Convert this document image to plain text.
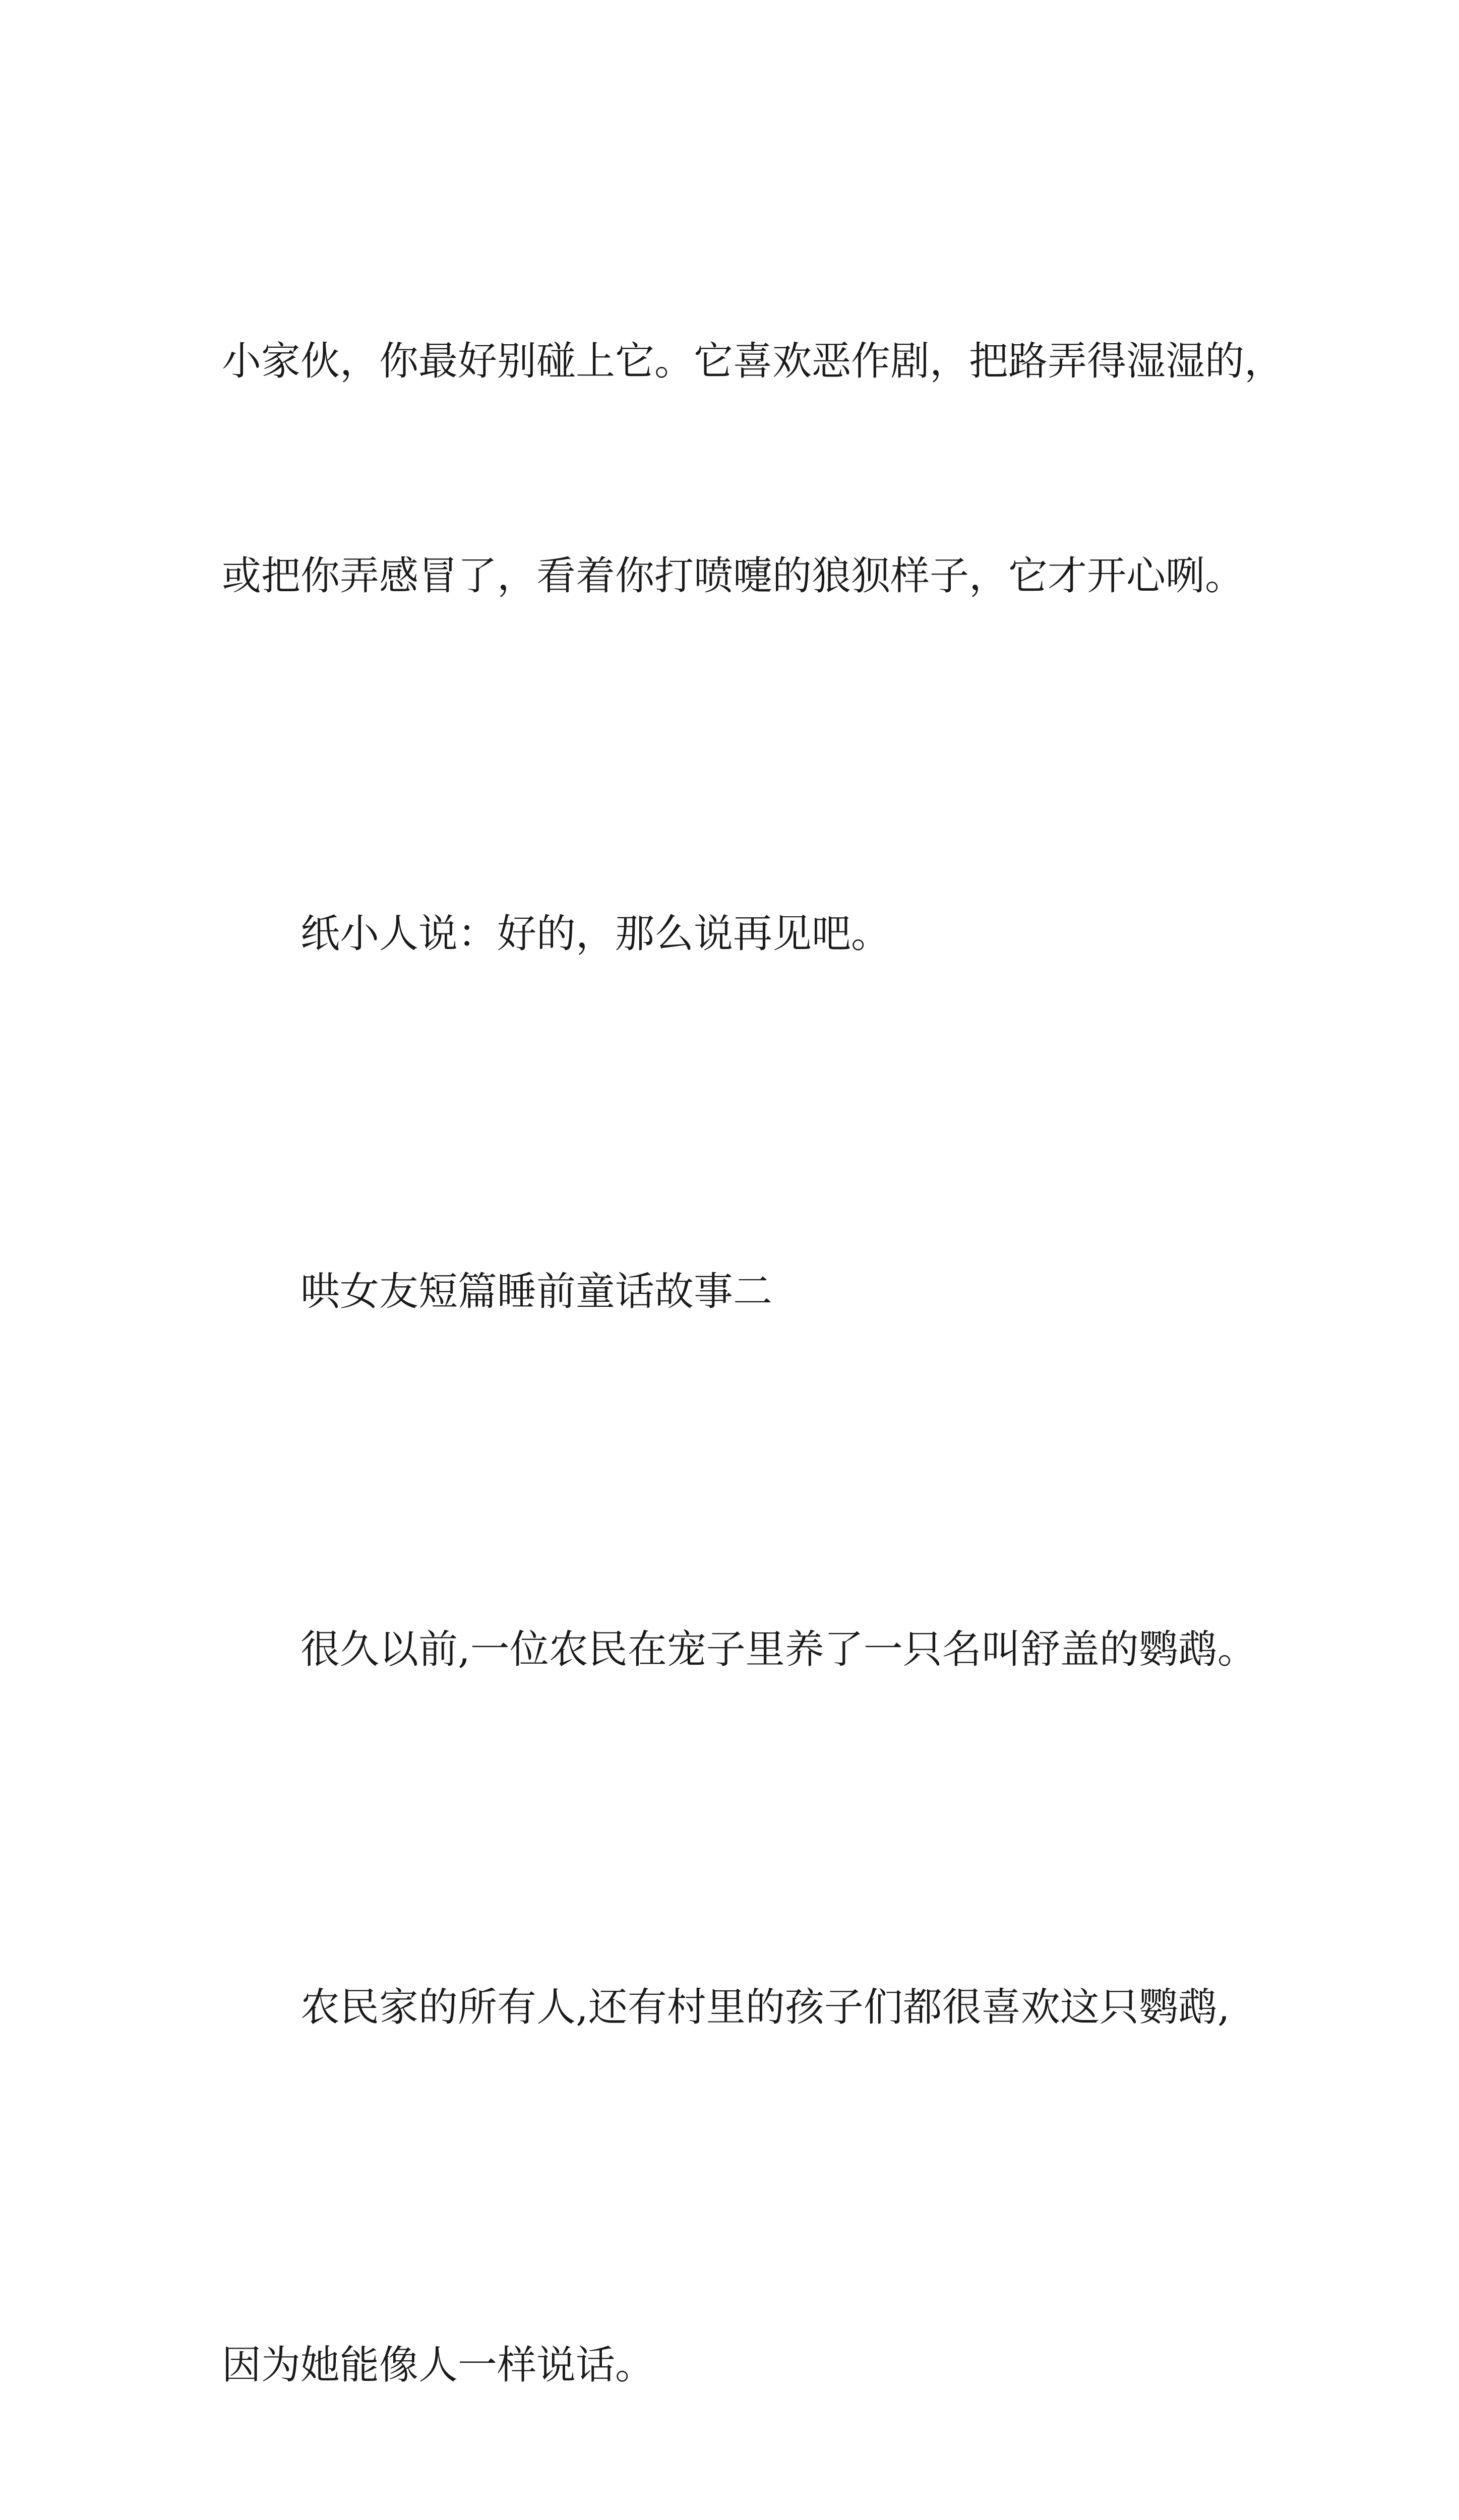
小家伙，你最好别碰上它。它喜欢恶作剧，把路弄得湿湿的，

或把你弄感冒了，看着你打喷嚏的狼狈样子，它才开心咧。

纸小人说：好的，那么说再见吧。

哄女友短篇睡前童话故事二

很久以前,一位农民在宠子里养了一只名叫舒盖的鹦鹉。

农民家的所有人,还有村里的孩子们都很喜欢这只鹦鹉,

因为她能像人一样说话。
